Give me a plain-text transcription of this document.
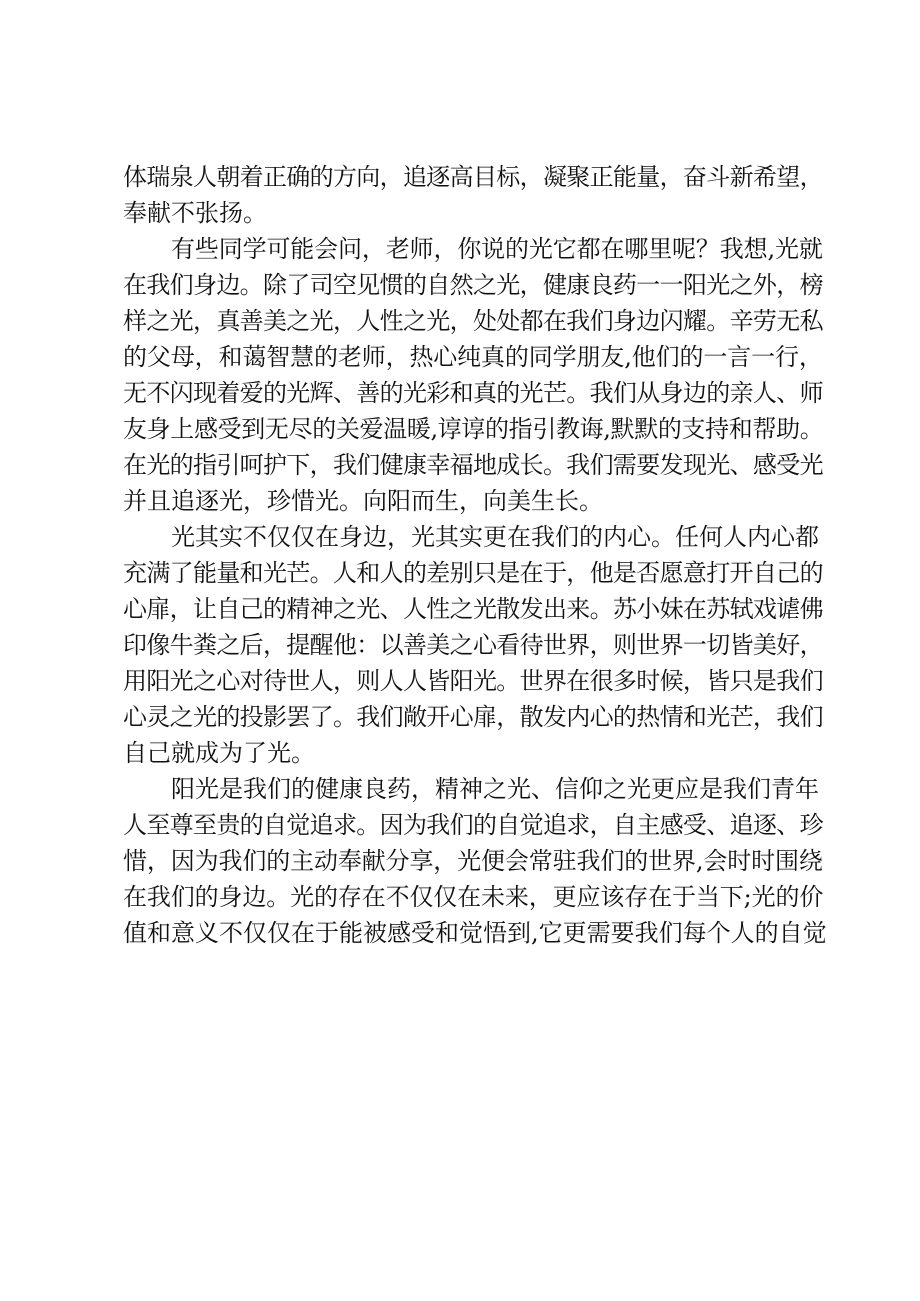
体瑞泉人朝着正确的方向，追逐高目标，凝聚正能量，奋斗新希望，
奉献不张扬。
有些同学可能会问，老师，你说的光它都在哪里呢？我想,光就
在我们身边。除了司空见惯的自然之光，健康良药一一阳光之外，榜
样之光，真善美之光，人性之光，处处都在我们身边闪耀。辛劳无私
的父母，和蔼智慧的老师，热心纯真的同学朋友,他们的一言一行，
无不闪现着爱的光辉、善的光彩和真的光芒。我们从身边的亲人、师
友身上感受到无尽的关爱温暖,谆谆的指引教诲,默默的支持和帮助。
在光的指引呵护下，我们健康幸福地成长。我们需要发现光、感受光
并且追逐光，珍惜光。向阳而生，向美生长。
光其实不仅仅在身边，光其实更在我们的内心。任何人内心都
充满了能量和光芒。人和人的差别只是在于，他是否愿意打开自己的
心扉，让自己的精神之光、人性之光散发出来。苏小妹在苏轼戏谑佛
印像牛粪之后，提醒他：以善美之心看待世界，则世界一切皆美好，
用阳光之心对待世人，则人人皆阳光。世界在很多时候，皆只是我们
心灵之光的投影罢了。我们敞开心扉，散发内心的热情和光芒，我们
自己就成为了光。
阳光是我们的健康良药，精神之光、信仰之光更应是我们青年
人至尊至贵的自觉追求。因为我们的自觉追求，自主感受、追逐、珍
惜，因为我们的主动奉献分享，光便会常驻我们的世界,会时时围绕
在我们的身边。光的存在不仅仅在未来，更应该存在于当下;光的价
值和意义不仅仅在于能被感受和觉悟到,它更需要我们每个人的自觉
